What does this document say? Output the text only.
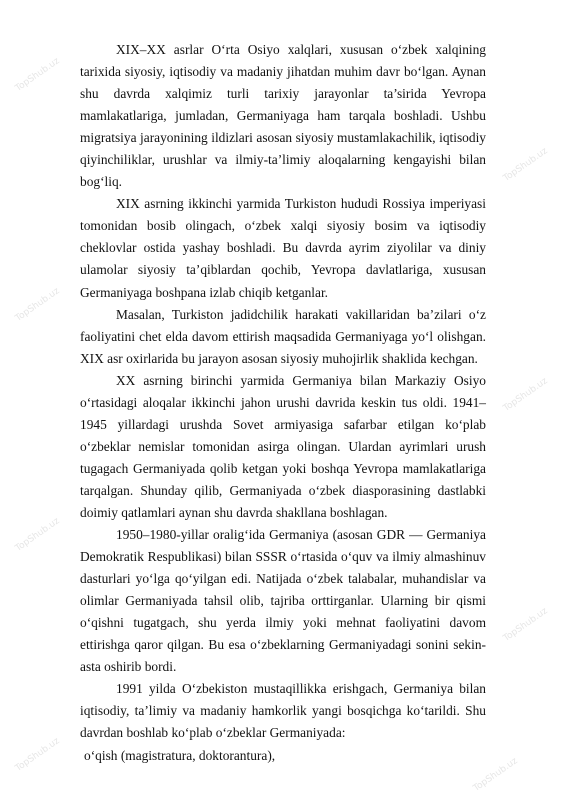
TopShub.uz
TopShub.uz
TopShub.uz
TopShub.uz
TopShub.uz
TopShub.uz
TopShub.uz
TopShub.uz

XIX–XX asrlar O‘rta Osiyo xalqlari, xususan o‘zbek xalqining tarixida siyosiy, iqtisodiy va madaniy jihatdan muhim davr bo‘lgan. Aynan shu davrda xalqimiz turli tarixiy jarayonlar ta’sirida Yevropa mamlakatlariga, jumladan, Germaniyaga ham tarqala boshladi. Ushbu migratsiya jarayonining ildizlari asosan siyosiy mustamlakachilik, iqtisodiy qiyinchiliklar, urushlar va ilmiy-ta’limiy aloqalarning kengayishi bilan bog‘liq.

XIX asrning ikkinchi yarmida Turkiston hududi Rossiya imperiyasi tomonidan bosib olingach, o‘zbek xalqi siyosiy bosim va iqtisodiy cheklovlar ostida yashay boshladi. Bu davrda ayrim ziyolilar va diniy ulamolar siyosiy ta’qiblardan qochib, Yevropa davlatlariga, xususan Germaniyaga boshpana izlab chiqib ketganlar.

Masalan, Turkiston jadidchilik harakati vakillaridan ba’zilari o‘z faoliyatini chet elda davom ettirish maqsadida Germaniyaga yo‘l olishgan. XIX asr oxirlarida bu jarayon asosan siyosiy muhojirlik shaklida kechgan.

XX asrning birinchi yarmida Germaniya bilan Markaziy Osiyo o‘rtasidagi aloqalar ikkinchi jahon urushi davrida keskin tus oldi. 1941–1945 yillardagi urushda Sovet armiyasiga safarbar etilgan ko‘plab o‘zbeklar nemislar tomonidan asirga olingan. Ulardan ayrimlari urush tugagach Germaniyada qolib ketgan yoki boshqa Yevropa mamlakatlariga tarqalgan. Shunday qilib, Germaniyada o‘zbek diasporasining dastlabki doimiy qatlamlari aynan shu davrda shakllana boshlagan.

1950–1980-yillar oralig‘ida Germaniya (asosan GDR — Germaniya Demokratik Respublikasi) bilan SSSR o‘rtasida o‘quv va ilmiy almashinuv dasturlari yo‘lga qo‘yilgan edi. Natijada o‘zbek talabalar, muhandislar va olimlar Germaniyada tahsil olib, tajriba orttirganlar. Ularning bir qismi o‘qishni tugatgach, shu yerda ilmiy yoki mehnat faoliyatini davom ettirishga qaror qilgan. Bu esa o‘zbeklarning Germaniyadagi sonini sekin-asta oshirib bordi.

1991 yilda O‘zbekiston mustaqillikka erishgach, Germaniya bilan iqtisodiy, ta’limiy va madaniy hamkorlik yangi bosqichga ko‘tarildi. Shu davrdan boshlab ko‘plab o‘zbeklar Germaniyada:

o‘qish (magistratura, doktorantura),
